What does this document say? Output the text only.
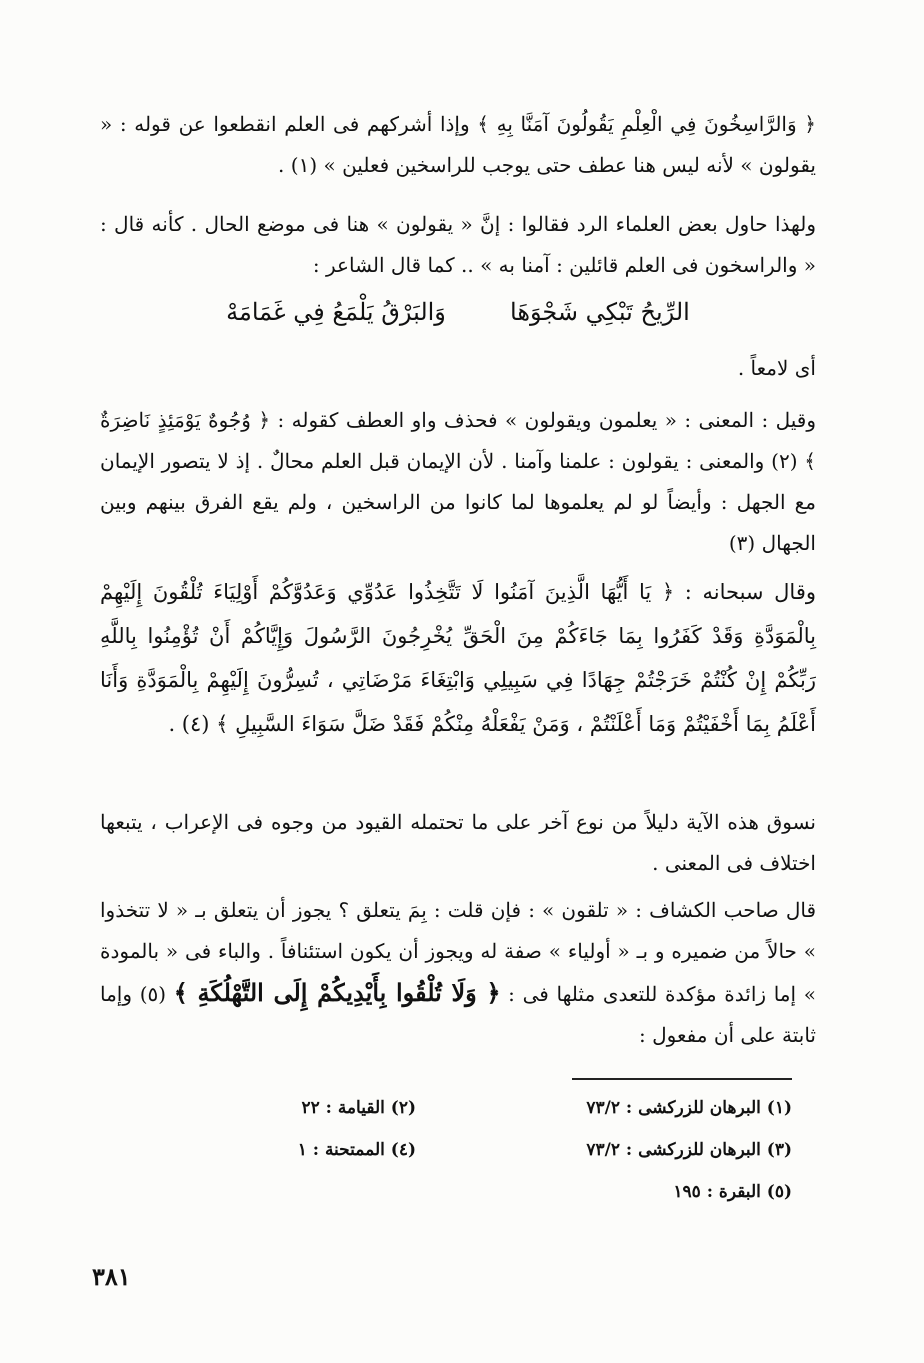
﴿ وَالرَّاسِخُونَ فِي الْعِلْمِ يَقُولُونَ آمَنَّا بِهِ ﴾ وإذا أشركهم فى العلم انقطعوا عن قوله : « يقولون » لأنه ليس هنا عطف حتى يوجب للراسخين فعلين » (١) .

ولهذا حاول بعض العلماء الرد فقالوا : إنَّ « يقولون » هنا فى موضع الحال . كأنه قال : « والراسخون فى العلم قائلين : آمنا به » .. كما قال الشاعر :

الرِّيحُ تَبْكِي شَجْوَهَا وَالبَرْقُ يَلْمَعُ فِي غَمَامَهْ

أى لامعاً .

وقيل : المعنى : « يعلمون ويقولون » فحذف واو العطف كقوله : ﴿ وُجُوهٌ يَوْمَئِذٍ نَاضِرَةٌ ﴾ (٢) والمعنى : يقولون : علمنا وآمنا . لأن الإيمان قبل العلم محالٌ . إذ لا يتصور الإيمان مع الجهل : وأيضاً لو لم يعلموها لما كانوا من الراسخين ، ولم يقع الفرق بينهم وبين الجهال (٣)

وقال سبحانه : ﴿ يَا أَيُّهَا الَّذِينَ آمَنُوا لَا تَتَّخِذُوا عَدُوِّي وَعَدُوَّكُمْ أَوْلِيَاءَ تُلْقُونَ إِلَيْهِمْ بِالْمَوَدَّةِ وَقَدْ كَفَرُوا بِمَا جَاءَكُمْ مِنَ الْحَقِّ يُخْرِجُونَ الرَّسُولَ وَإِيَّاكُمْ أَنْ تُؤْمِنُوا بِاللَّهِ رَبِّكُمْ إِنْ كُنْتُمْ خَرَجْتُمْ جِهَادًا فِي سَبِيلِي وَابْتِغَاءَ مَرْضَاتِي ، تُسِرُّونَ إِلَيْهِمْ بِالْمَوَدَّةِ وَأَنَا أَعْلَمُ بِمَا أَخْفَيْتُمْ وَمَا أَعْلَنْتُمْ ، وَمَنْ يَفْعَلْهُ مِنْكُمْ فَقَدْ ضَلَّ سَوَاءَ السَّبِيلِ ﴾ (٤) .

نسوق هذه الآية دليلاً من نوع آخر على ما تحتمله القيود من وجوه فى الإعراب ، يتبعها اختلاف فى المعنى .

قال صاحب الكشاف : « تلقون » : فإن قلت : بِمَ يتعلق ؟ يجوز أن يتعلق بـ « لا تتخذوا » حالاً من ضميره و بـ « أولياء » صفة له ويجوز أن يكون استئنافاً . والباء فى « بالمودة » إما زائدة مؤكدة للتعدى مثلها فى : ﴿ وَلَا تُلْقُوا بِأَيْدِيكُمْ إِلَى التَّهْلُكَةِ ﴾ (٥) وإما ثابتة على أن مفعول :

(١) البرهان للزركشى : ٧٣/٢
(٢) القيامة : ٢٢
(٣) البرهان للزركشى : ٧٣/٢
(٤) الممتحنة : ١
(٥) البقرة : ١٩٥
٣٨١
